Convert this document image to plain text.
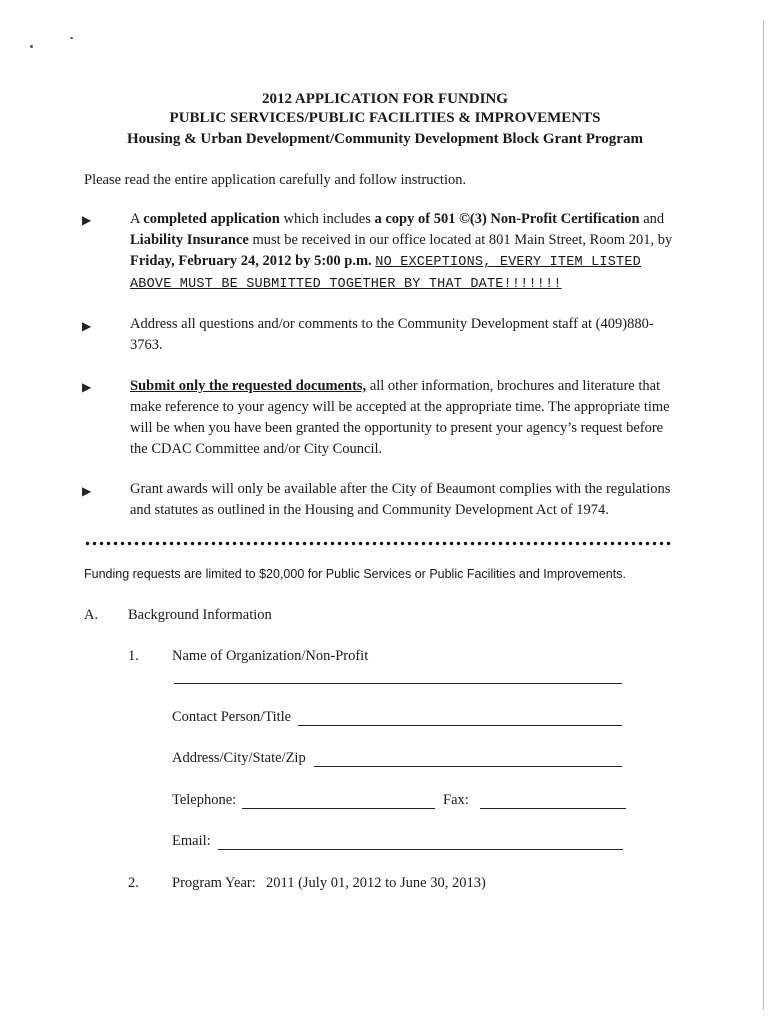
2012 APPLICATION FOR FUNDING
PUBLIC SERVICES/PUBLIC FACILITIES & IMPROVEMENTS
Housing & Urban Development/Community Development Block Grant Program
Please read the entire application carefully and follow instruction.
▶	A completed application which includes a copy of 501 ©(3) Non-Profit Certification and Liability Insurance must be received in our office located at 801 Main Street, Room 201, by Friday, February 24, 2012 by 5:00 p.m. NO EXCEPTIONS, EVERY ITEM LISTED ABOVE MUST BE SUBMITTED TOGETHER BY THAT DATE!!!!!!!
▶	Address all questions and/or comments to the Community Development staff at (409)880-3763.
▶	Submit only the requested documents, all other information, brochures and literature that make reference to your agency will be accepted at the appropriate time. The appropriate time will be when you have been granted the opportunity to present your agency’s request before the CDAC Committee and/or City Council.
▶	Grant awards will only be available after the City of Beaumont complies with the regulations and statutes as outlined in the Housing and Community Development Act of 1974.
Funding requests are limited to $20,000 for Public Services or Public Facilities and Improvements.
A. Background Information
1. Name of Organization/Non-Profit
Contact Person/Title
Address/City/State/Zip
Telephone:	Fax:
Email:
2. Program Year: 2011 (July 01, 2012 to June 30, 2013)
